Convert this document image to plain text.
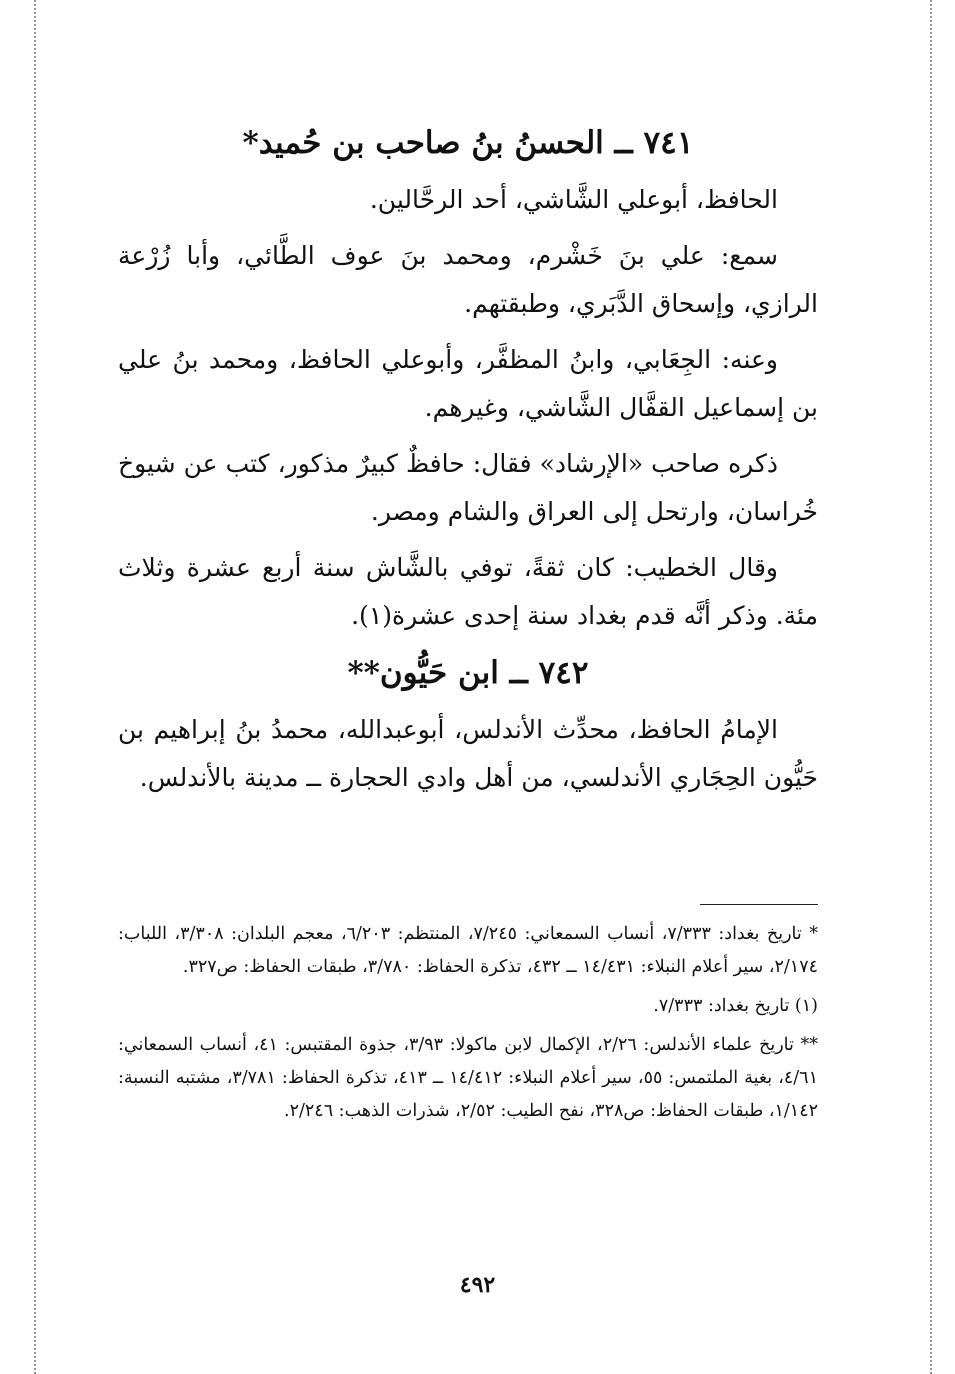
٧٤١ ــ الحسنُ بنُ صاحب بن حُميد*

الحافظ، أبوعلي الشَّاشي، أحد الرحَّالين.

سمع: علي بنَ خَشْرم، ومحمد بنَ عوف الطَّائي، وأبا زُرْعة الرازي، وإسحاق الدَّبَري، وطبقتهم.

وعنه: الجِعَابي، وابنُ المظفَّر، وأبوعلي الحافظ، ومحمد بنُ علي بن إسماعيل القفَّال الشَّاشي، وغيرهم.

ذكره صاحب «الإرشاد» فقال: حافظٌ كبيرٌ مذكور، كتب عن شيوخ خُراسان، وارتحل إلى العراق والشام ومصر.

وقال الخطيب: كان ثقةً، توفي بالشَّاش سنة أربع عشرة وثلاث مئة. وذكر أنَّه قدم بغداد سنة إحدى عشرة(١).

٧٤٢ ــ ابن حَيُّون**

الإمامُ الحافظ، محدِّث الأندلس، أبوعبدالله، محمدُ بنُ إبراهيم بن حَيُّون الحِجَاري الأندلسي، من أهل وادي الحجارة ــ مدينة بالأندلس.

* تاريخ بغداد: ٧/٣٣٣، أنساب السمعاني: ٧/٢٤٥، المنتظم: ٦/٢٠٣، معجم البلدان: ٣/٣٠٨، اللباب: ٢/١٧٤، سير أعلام النبلاء: ١٤/٤٣١ ــ ٤٣٢، تذكرة الحفاظ: ٣/٧٨٠، طبقات الحفاظ: ص٣٢٧.

(١) تاريخ بغداد: ٧/٣٣٣.

** تاريخ علماء الأندلس: ٢/٢٦، الإكمال لابن ماكولا: ٣/٩٣، جذوة المقتبس: ٤١، أنساب السمعاني: ٤/٦١، بغية الملتمس: ٥٥، سير أعلام النبلاء: ١٤/٤١٢ ــ ٤١٣، تذكرة الحفاظ: ٣/٧٨١، مشتبه النسبة: ١/١٤٢، طبقات الحفاظ: ص٣٢٨، نفح الطيب: ٢/٥٢، شذرات الذهب: ٢/٢٤٦.

٤٩٢
